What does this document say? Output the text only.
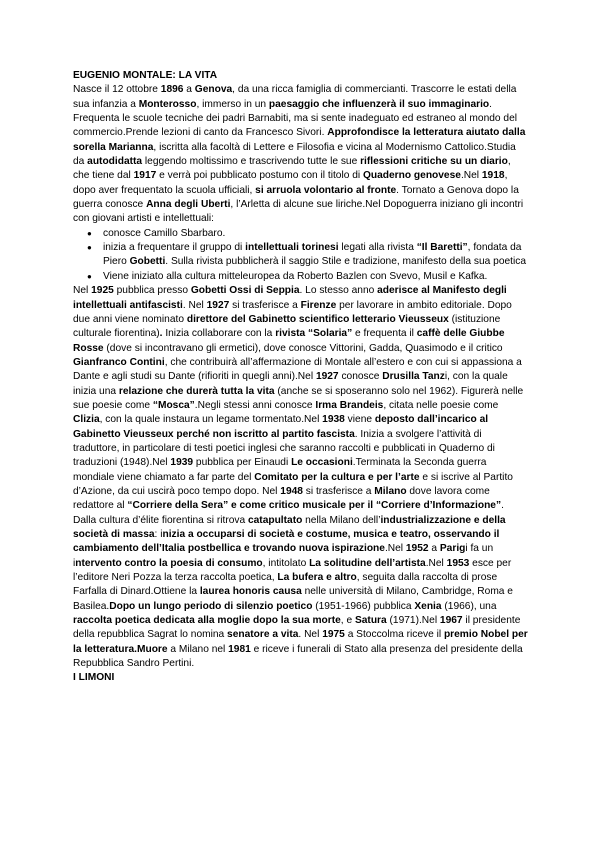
EUGENIO MONTALE: LA VITA

Nasce il 12 ottobre 1896 a Genova, da una ricca famiglia di commercianti. Trascorre le estati della sua infanzia a Monterosso, immerso in un paesaggio che influenzerà il suo immaginario. Frequenta le scuole tecniche dei padri Barnabiti, ma si sente inadeguato ed estraneo al mondo del commercio.Prende lezioni di canto da Francesco Sivori. Approfondisce la letteratura aiutato dalla sorella Marianna, iscritta alla facoltà di Lettere e Filosofia e vicina al Modernismo Cattolico.Studia da autodidatta leggendo moltissimo e trascrivendo tutte le sue riflessioni critiche su un diario, che tiene dal 1917 e verrà poi pubblicato postumo con il titolo di Quaderno genovese.Nel 1918, dopo aver frequentato la scuola ufficiali, si arruola volontario al fronte. Tornato a Genova dopo la guerra conosce Anna degli Uberti, l’Arletta di alcune sue liriche.Nel Dopoguerra iniziano gli incontri con giovani artisti e intellettuali:

● conosce Camillo Sbarbaro.
● inizia a frequentare il gruppo di intellettuali torinesi legati alla rivista “Il Baretti”, fondata da Piero Gobetti. Sulla rivista pubblicherà il saggio Stile e tradizione, manifesto della sua poetica
● Viene iniziato alla cultura mitteleuropea da Roberto Bazlen con Svevo, Musil e Kafka.

Nel 1925 pubblica presso Gobetti Ossi di Seppia. Lo stesso anno aderisce al Manifesto degli intellettuali antifascisti. Nel 1927 si trasferisce a Firenze per lavorare in ambito editoriale. Dopo due anni viene nominato direttore del Gabinetto scientifico letterario Vieusseux (istituzione culturale fiorentina). Inizia collaborare con la rivista “Solaria” e frequenta il caffè delle Giubbe Rosse (dove si incontravano gli ermetici), dove conosce Vittorini, Gadda, Quasimodo e il critico Gianfranco Contini, che contribuirà all’affermazione di Montale all’estero e con cui si appassiona a Dante e agli studi su Dante (rifioriti in quegli anni).Nel 1927 conosce Drusilla Tanzi, con la quale inizia una relazione che durerà tutta la vita (anche se si sposeranno solo nel 1962). Figurerà nelle sue poesie come “Mosca”.Negli stessi anni conosce Irma Brandeis, citata nelle poesie come Clizia, con la quale instaura un legame tormentato.Nel 1938 viene deposto dall’incarico al Gabinetto Vieusseux perché non iscritto al partito fascista. Inizia a svolgere l’attività di traduttore, in particolare di testi poetici inglesi che saranno raccolti e pubblicati in Quaderno di traduzioni (1948).Nel 1939 pubblica per Einaudi Le occasioni.Terminata la Seconda guerra mondiale viene chiamato a far parte del Comitato per la cultura e per l’arte e si iscrive al Partito d’Azione, da cui uscirà poco tempo dopo. Nel 1948 si trasferisce a Milano dove lavora come redattore al “Corriere della Sera” e come critico musicale per il “Corriere d’Informazione”. Dalla cultura d’élite fiorentina si ritrova catapultato nella Milano dell’industrializzazione e della società di massa: inizia a occuparsi di società e costume, musica e teatro, osservando il cambiamento dell’Italia postbellica e trovando nuova ispirazione.Nel 1952 a Parigi fa un intervento contro la poesia di consumo, intitolato La solitudine dell’artista.Nel 1953 esce per l’editore Neri Pozza la terza raccolta poetica, La bufera e altro, seguita dalla raccolta di prose Farfalla di Dinard.Ottiene la laurea honoris causa nelle università di Milano, Cambridge, Roma e Basilea.Dopo un lungo periodo di silenzio poetico (1951-1966) pubblica Xenia (1966), una raccolta poetica dedicata alla moglie dopo la sua morte, e Satura (1971).Nel 1967 il presidente della repubblica Sagrat lo nomina senatore a vita. Nel 1975 a Stoccolma riceve il premio Nobel per la letteratura.Muore a Milano nel 1981 e riceve i funerali di Stato alla presenza del presidente della Repubblica Sandro Pertini.

I LIMONI
